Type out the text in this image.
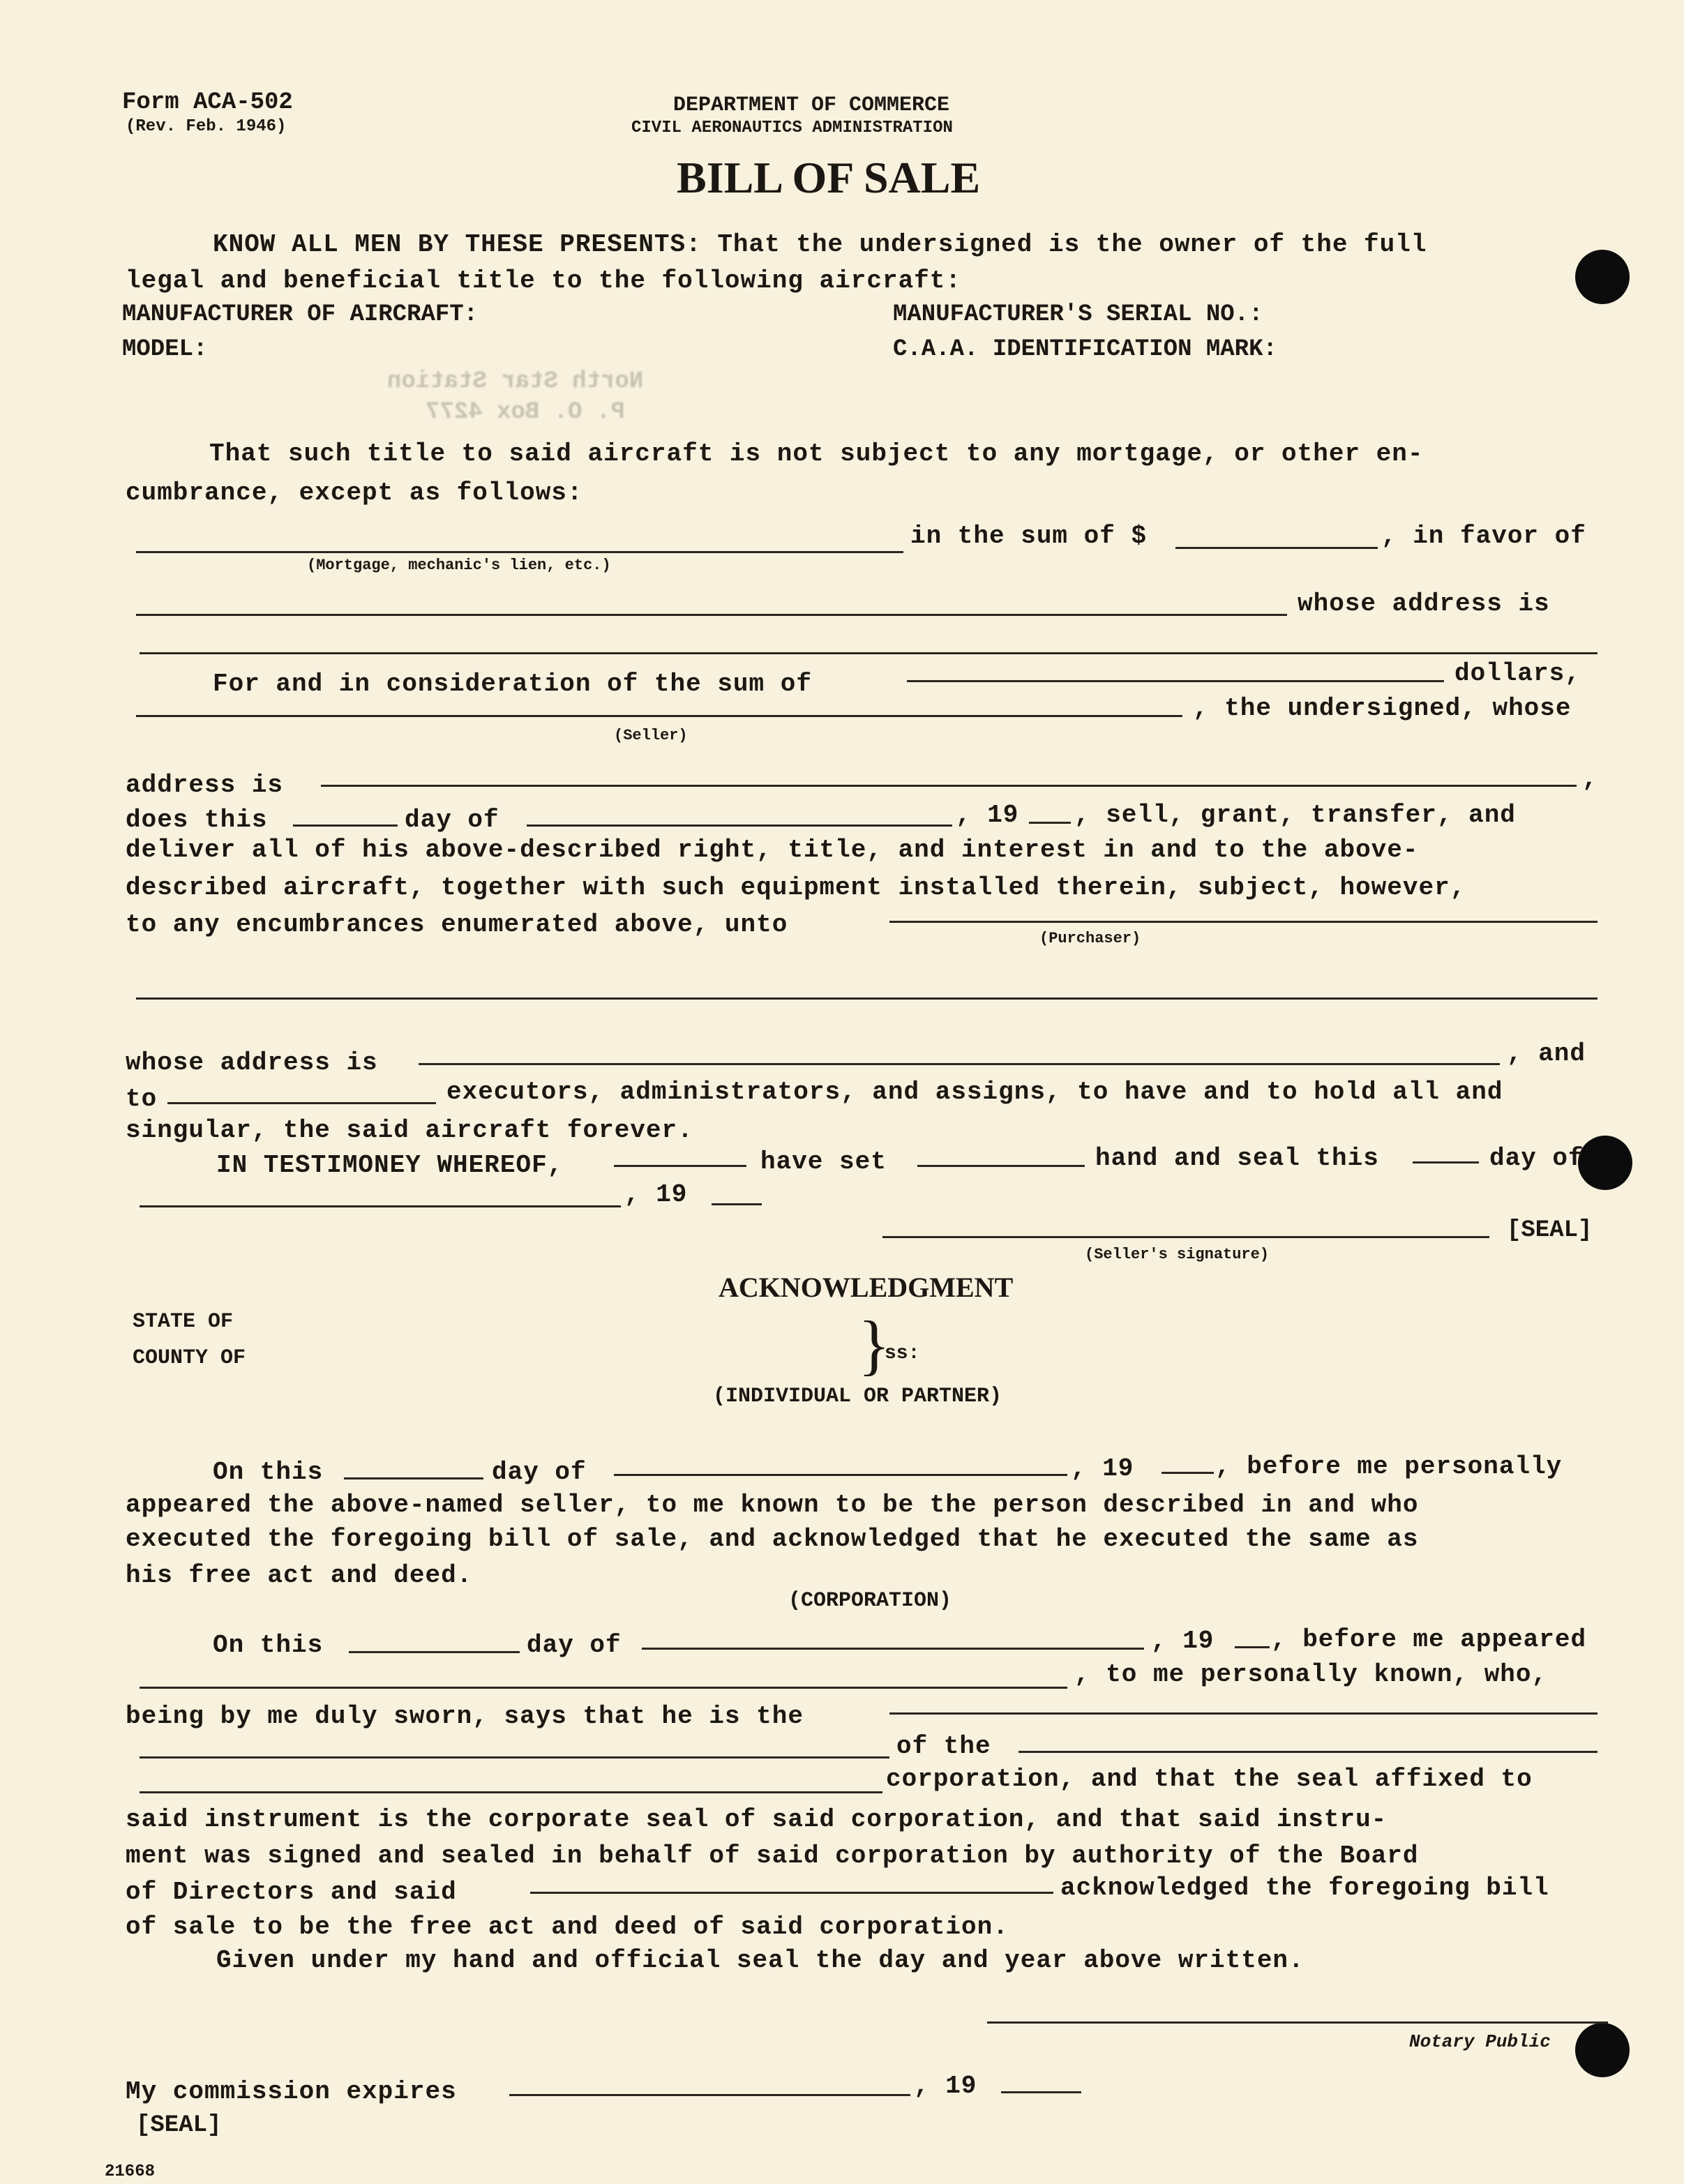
North Star Station
P. O. Box 4277
Form ACA-502
(Rev. Feb. 1946)
DEPARTMENT OF COMMERCE
CIVIL AERONAUTICS ADMINISTRATION
BILL OF SALE
KNOW ALL MEN BY THESE PRESENTS: That the undersigned is the owner of the full
legal and beneficial title to the following aircraft:
MANUFACTURER OF AIRCRAFT:	MANUFACTURER'S SERIAL NO.:
MODEL:	C.A.A. IDENTIFICATION MARK:
That such title to said aircraft is not subject to any mortgage, or other en-
cumbrance, except as follows:
(Mortgage, mechanic's lien, etc.)
in the sum of $	, in favor of
whose address is
For and in consideration of the sum of	dollars,
, the undersigned, whose
(Seller)
address is	,
does this	day of	, 19 , sell, grant, transfer, and
deliver all of his above-described right, title, and interest in and to the above-
described aircraft, together with such equipment installed therein, subject, however,
to any encumbrances enumerated above, unto	(Purchaser)
whose address is	, and
to	executors, administrators, and assigns, to have and to hold all and
singular, the said aircraft forever.
IN TESTIMONEY WHEREOF,	have set	hand and seal this	day of
, 19
[SEAL]
(Seller's signature)
ACKNOWLEDGMENT
STATE OF
COUNTY OF	}
ss:
(INDIVIDUAL OR PARTNER)
On this	day of	, 19	, before me personally
appeared the above-named seller, to me known to be the person described in and who
executed the foregoing bill of sale, and acknowledged that he executed the same as
his free act and deed.
(CORPORATION)
On this	day of	, 19 , before me appeared
, to me personally known, who,
being by me duly sworn, says that he is the
of the
corporation, and that the seal affixed to
said instrument is the corporate seal of said corporation, and that said instru-
ment was signed and sealed in behalf of said corporation by authority of the Board
of Directors and said	acknowledged the foregoing bill
of sale to be the free act and deed of said corporation.
Given under my hand and official seal the day and year above written.
Notary Public
My commission expires	, 19
[SEAL]
21668
